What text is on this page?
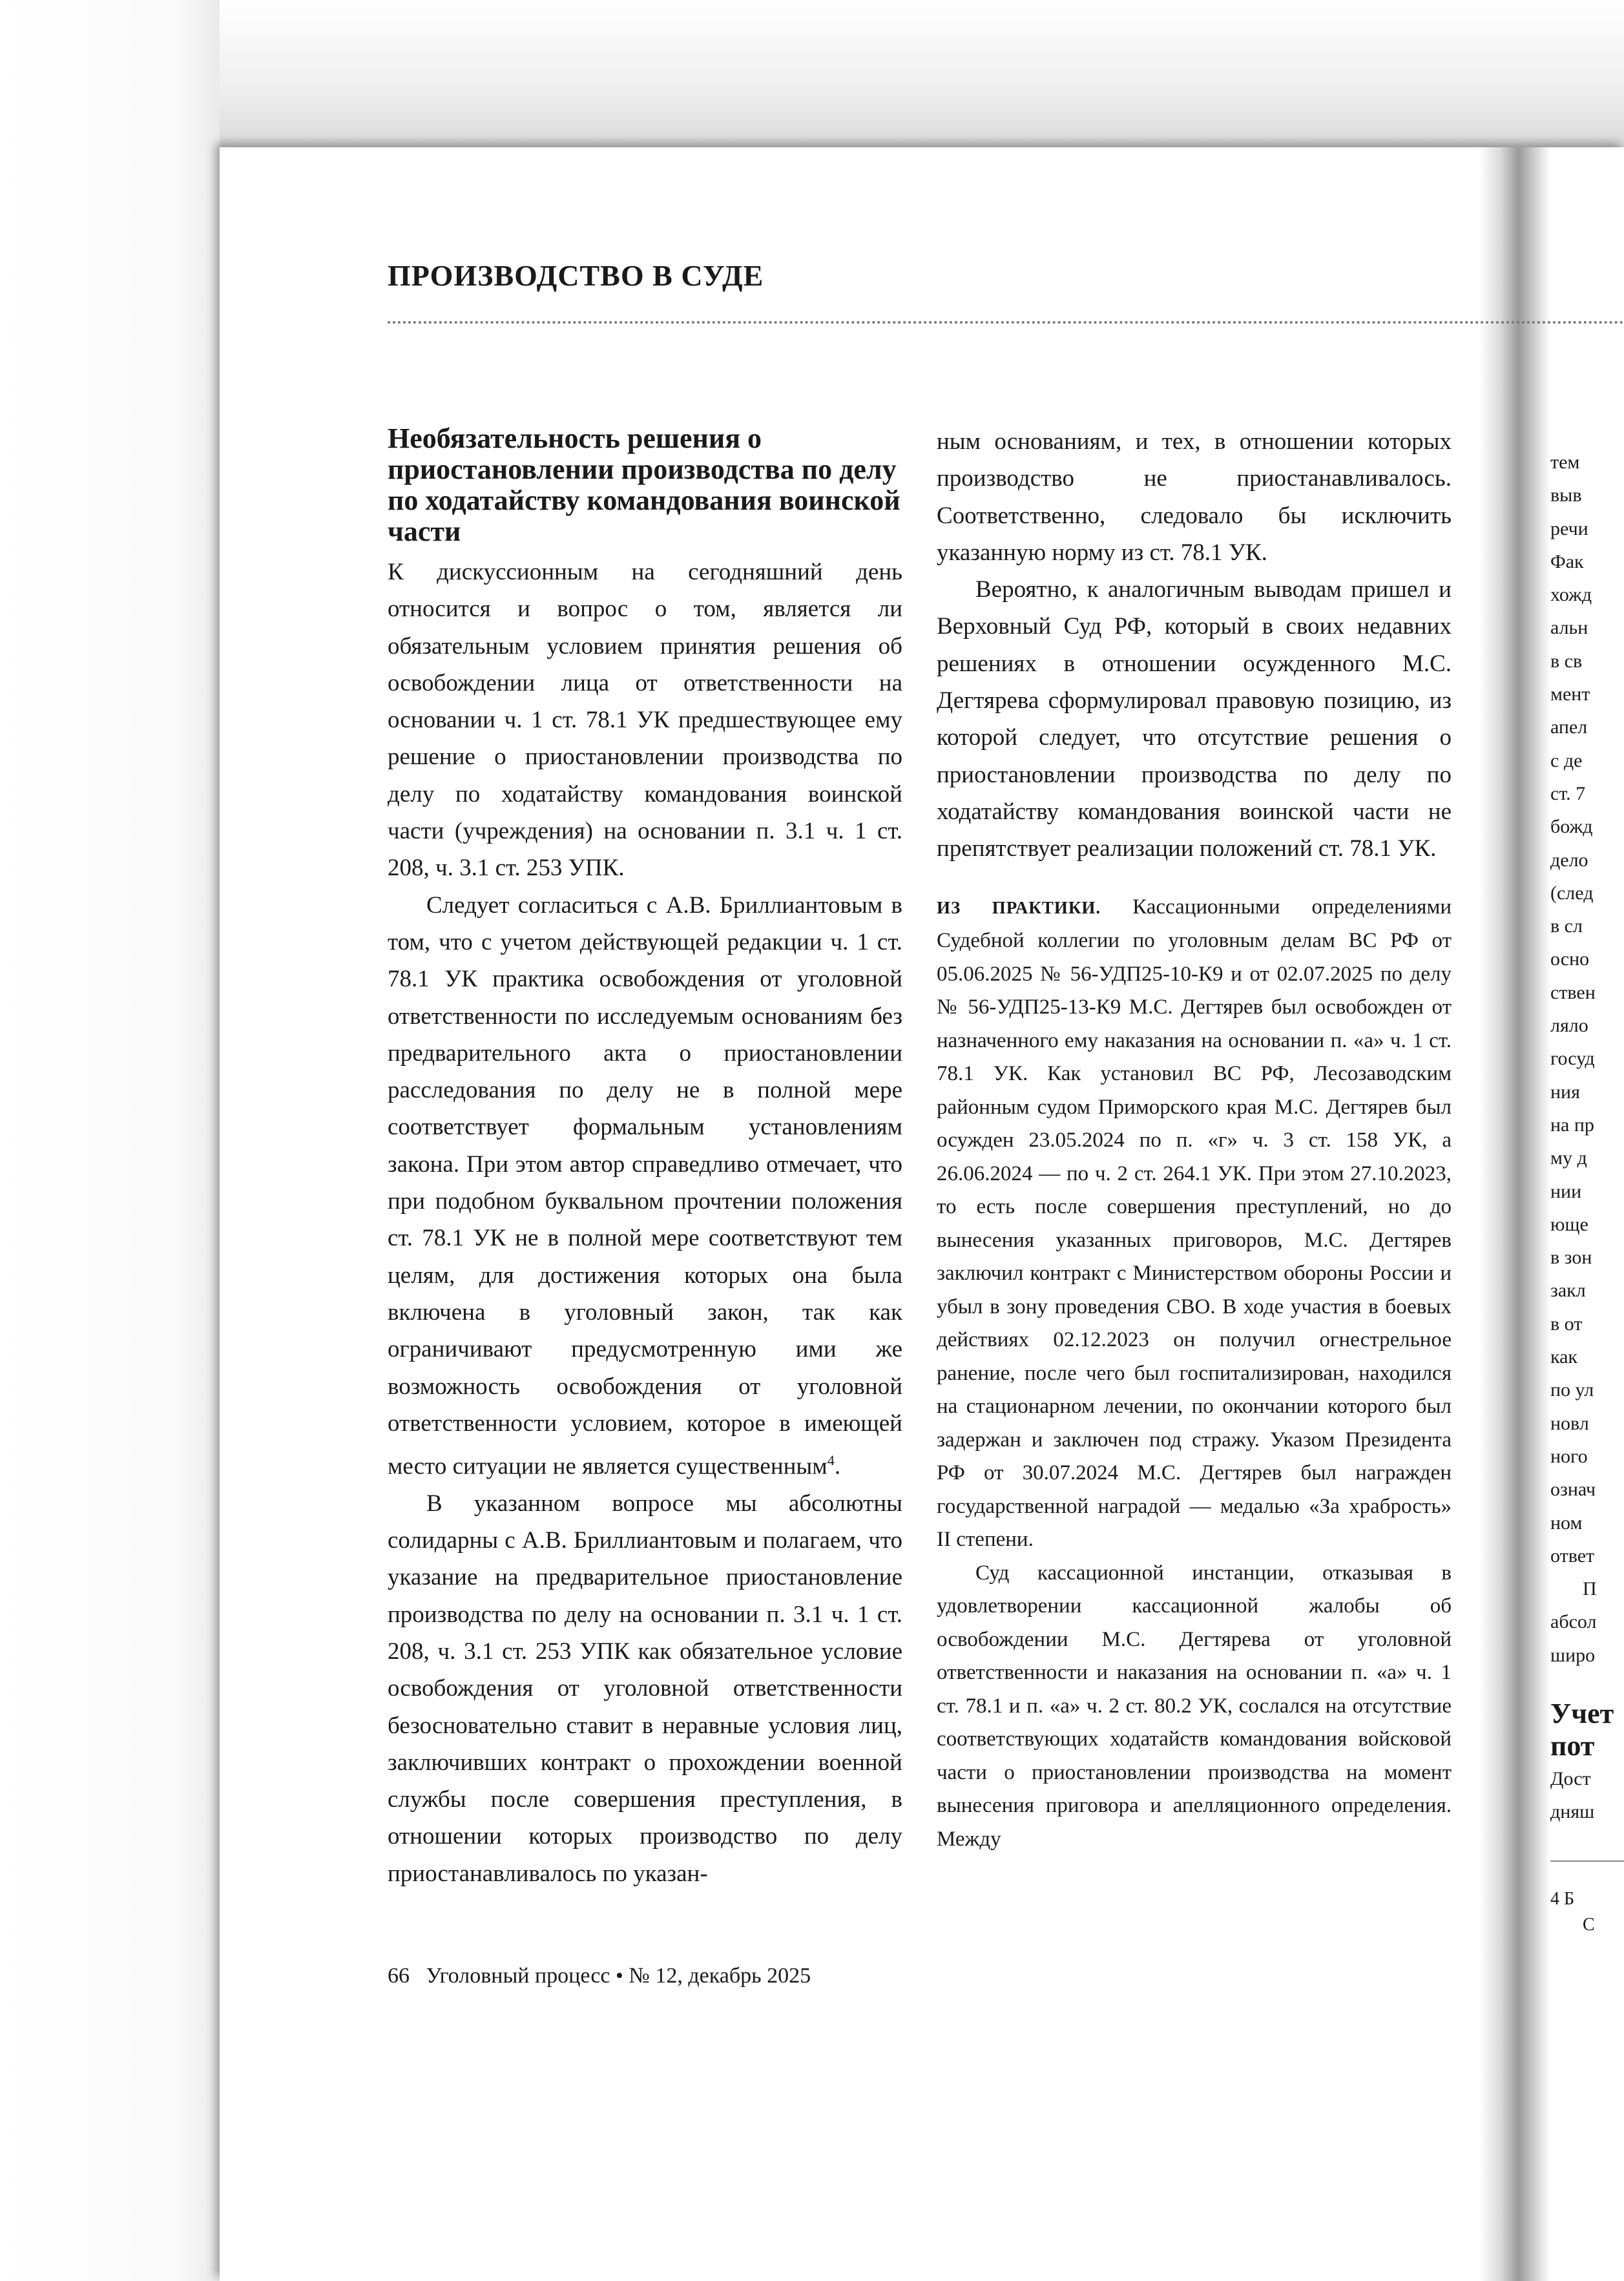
ПРОИЗВОДСТВО В СУДЕ
Необязательность решения о приостановлении производства по делу по ходатайству командования воинской части

К дискуссионным на сегодняшний день относится и вопрос о том, является ли обязательным условием принятия решения об освобождении лица от ответственности на основании ч. 1 ст. 78.1 УК предшествующее ему решение о приостановлении производства по делу по ходатайству командования воинской части (учреждения) на основании п. 3.1 ч. 1 ст. 208, ч. 3.1 ст. 253 УПК.

Следует согласиться с А.В. Бриллиантовым в том, что с учетом действующей редакции ч. 1 ст. 78.1 УК практика освобождения от уголовной ответственности по исследуемым основаниям без предварительного акта о приостановлении расследования по делу не в полной мере соответствует формальным установлениям закона. При этом автор справедливо отмечает, что при подобном буквальном прочтении положения ст. 78.1 УК не в полной мере соответствуют тем целям, для достижения которых она была включена в уголовный закон, так как ограничивают предусмотренную ими же возможность освобождения от уголовной ответственности условием, которое в имеющей место ситуации не является существенным$^4$.

В указанном вопросе мы абсолютны солидарны с А.В. Бриллиантовым и полагаем, что указание на предварительное приостановление производства по делу на основании п. 3.1 ч. 1 ст. 208, ч. 3.1 ст. 253 УПК как обязательное условие освобождения от уголовной ответственности безосновательно ставит в неравные условия лиц, заключивших контракт о прохождении военной службы после совершения преступления, в отношении которых производство по делу приостанавливалось по указан-

ным основаниям, и тех, в отношении которых производство не приостанавливалось. Соответственно, следовало бы исключить указанную норму из ст. 78.1 УК.

Вероятно, к аналогичным выводам пришел и Верховный Суд РФ, который в своих недавних решениях в отношении осужденного М.С. Дегтярева сформулировал правовую позицию, из которой следует, что отсутствие решения о приостановлении производства по делу по ходатайству командования воинской части не препятствует реализации положений ст. 78.1 УК.

ИЗ ПРАКТИКИ. Кассационными определениями Судебной коллегии по уголовным делам ВС РФ от 05.06.2025 № 56-УДП25-10-К9 и от 02.07.2025 по делу № 56-УДП25-13-К9 М.С. Дегтярев был освобожден от назначенного ему наказания на основании п. «а» ч. 1 ст. 78.1 УК. Как установил ВС РФ, Лесозаводским районным судом Приморского края М.С. Дегтярев был осужден 23.05.2024 по п. «г» ч. 3 ст. 158 УК, а 26.06.2024 — по ч. 2 ст. 264.1 УК. При этом 27.10.2023, то есть после совершения преступлений, но до вынесения указанных приговоров, М.С. Дегтярев заключил контракт с Министерством обороны России и убыл в зону проведения СВО. В ходе участия в боевых действиях 02.12.2023 он получил огнестрельное ранение, после чего был госпитализирован, находился на стационарном лечении, по окончании которого был задержан и заключен под стражу. Указом Президента РФ от 30.07.2024 М.С. Дегтярев был награжден государственной наградой — медалью «За храбрость» II степени.

Суд кассационной инстанции, отказывая в удовлетворении кассационной жалобы об освобождении М.С. Дегтярева от уголовной ответственности и наказания на основании п. «а» ч. 1 ст. 78.1 и п. «а» ч. 2 ст. 80.2 УК, сослался на отсутствие соответствующих ходатайств командования войсковой части о приостановлении производства на момент вынесения приговора и апелляционного определения. Между

тем
выв
речи
Фак
хожд
альн
в св
мент
апел
с де
ст. 7
божд
дело
(след
в сл
осно
ствен
ляло
госуд
ния
на пр
му д
нии
юще
в зон
закл
в от
как
по ул
новл
ного
означ
ном
ответ
П
абсол
широ
Учет
пот
Дост
дняш
4 Б
С
66 Уголовный процесс • № 12, декабрь 2025
